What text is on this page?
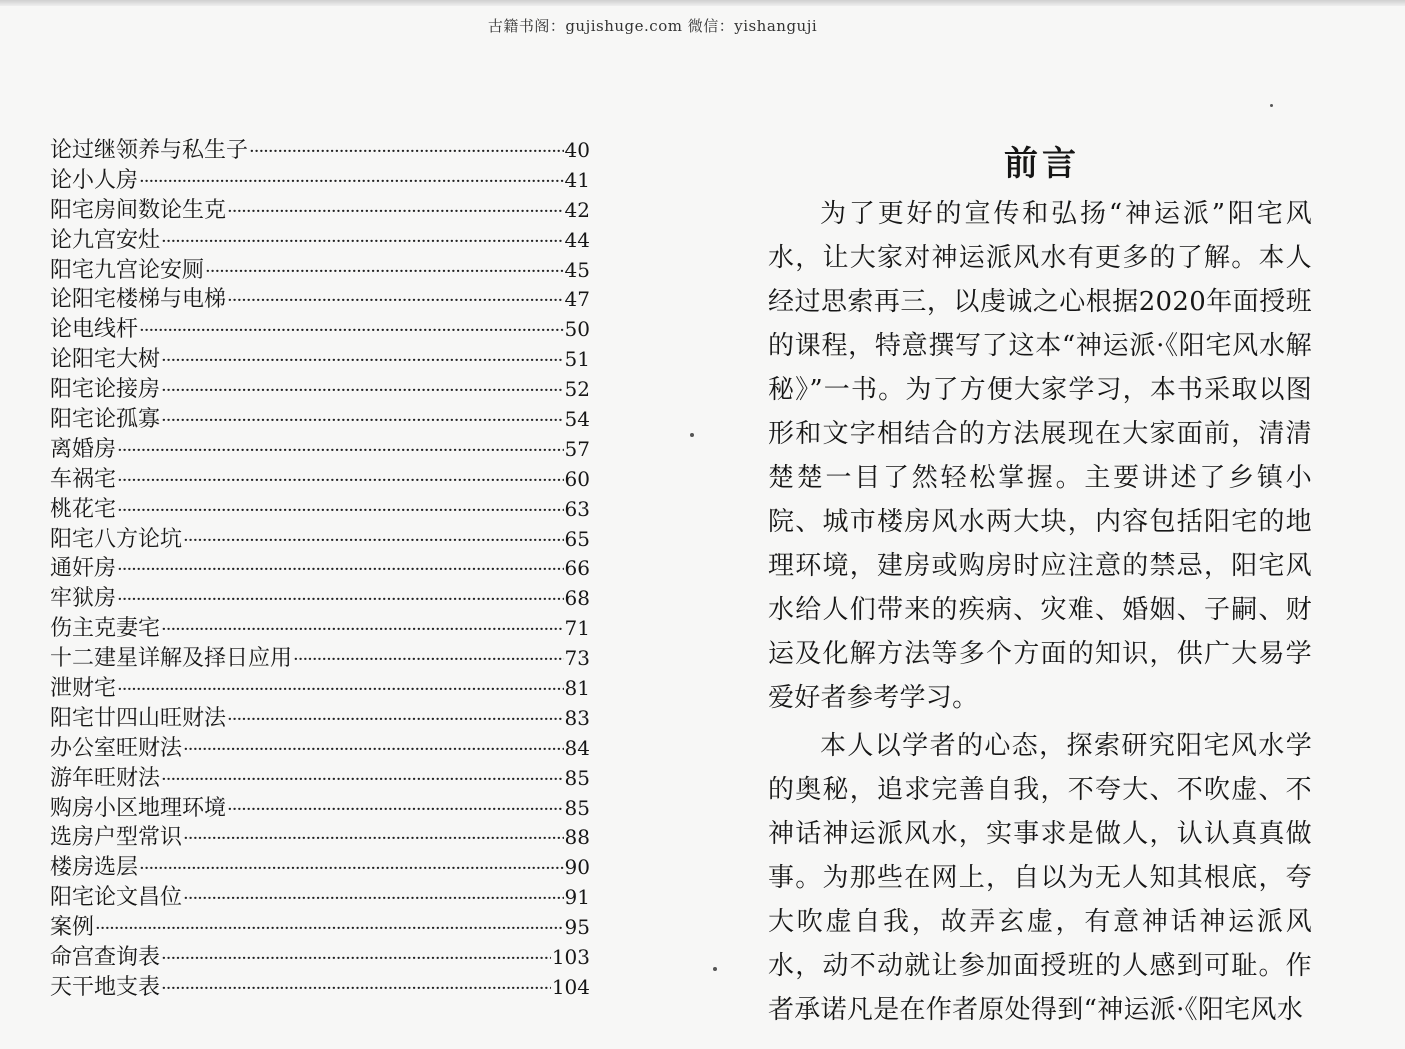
古籍书阁：gujishuge.com 微信：yishanguji
论过继领养与私生子 ·····	40
论小人房 ·····	41
阳宅房间数论生克 ·····	42
论九宫安灶 ·····	44
阳宅九宫论安厕 ·····	45
论阳宅楼梯与电梯 ·····	47
论电线杆 ·····	50
论阳宅大树 ·····	51
阳宅论接房 ·····	52
阳宅论孤寡 ·····	54
离婚房 ·····	57
车祸宅 ·····	60
桃花宅 ·····	63
阳宅八方论坑 ·····	65
通奸房 ·····	66
牢狱房 ·····	68
伤主克妻宅 ·····	71
十二建星详解及择日应用 ·····	73
泄财宅 ·····	81
阳宅廿四山旺财法 ·····	83
办公室旺财法 ·····	84
游年旺财法 ·····	85
购房小区地理环境 ·····	85
选房户型常识 ·····	88
楼房选层 ·····	90
阳宅论文昌位 ·····	91
案例 ·····	95
命宫查询表 ·····	103
天干地支表 ·····	104
前言

为了更好的宣传和弘扬“神运派”阳宅风水，让大家对神运派风水有更多的了解。本人经过思索再三，以虔诚之心根据2020年面授班的课程，特意撰写了这本“神运派·《阳宅风水解秘》”一书。为了方便大家学习，本书采取以图形和文字相结合的方法展现在大家面前，清清楚楚一目了然轻松掌握。主要讲述了乡镇小院、城市楼房风水两大块，内容包括阳宅的地理环境，建房或购房时应注意的禁忌，阳宅风水给人们带来的疾病、灾难、婚姻、子嗣、财运及化解方法等多个方面的知识，供广大易学爱好者参考学习。

本人以学者的心态，探索研究阳宅风水学的奥秘，追求完善自我，不夸大、不吹虚、不神话神运派风水，实事求是做人，认认真真做事。为那些在网上，自以为无人知其根底，夸大吹虚自我，故弄玄虚，有意神话神运派风水，动不动就让参加面授班的人感到可耻。作者承诺凡是在作者原处得到“神运派·《阳宅风水
